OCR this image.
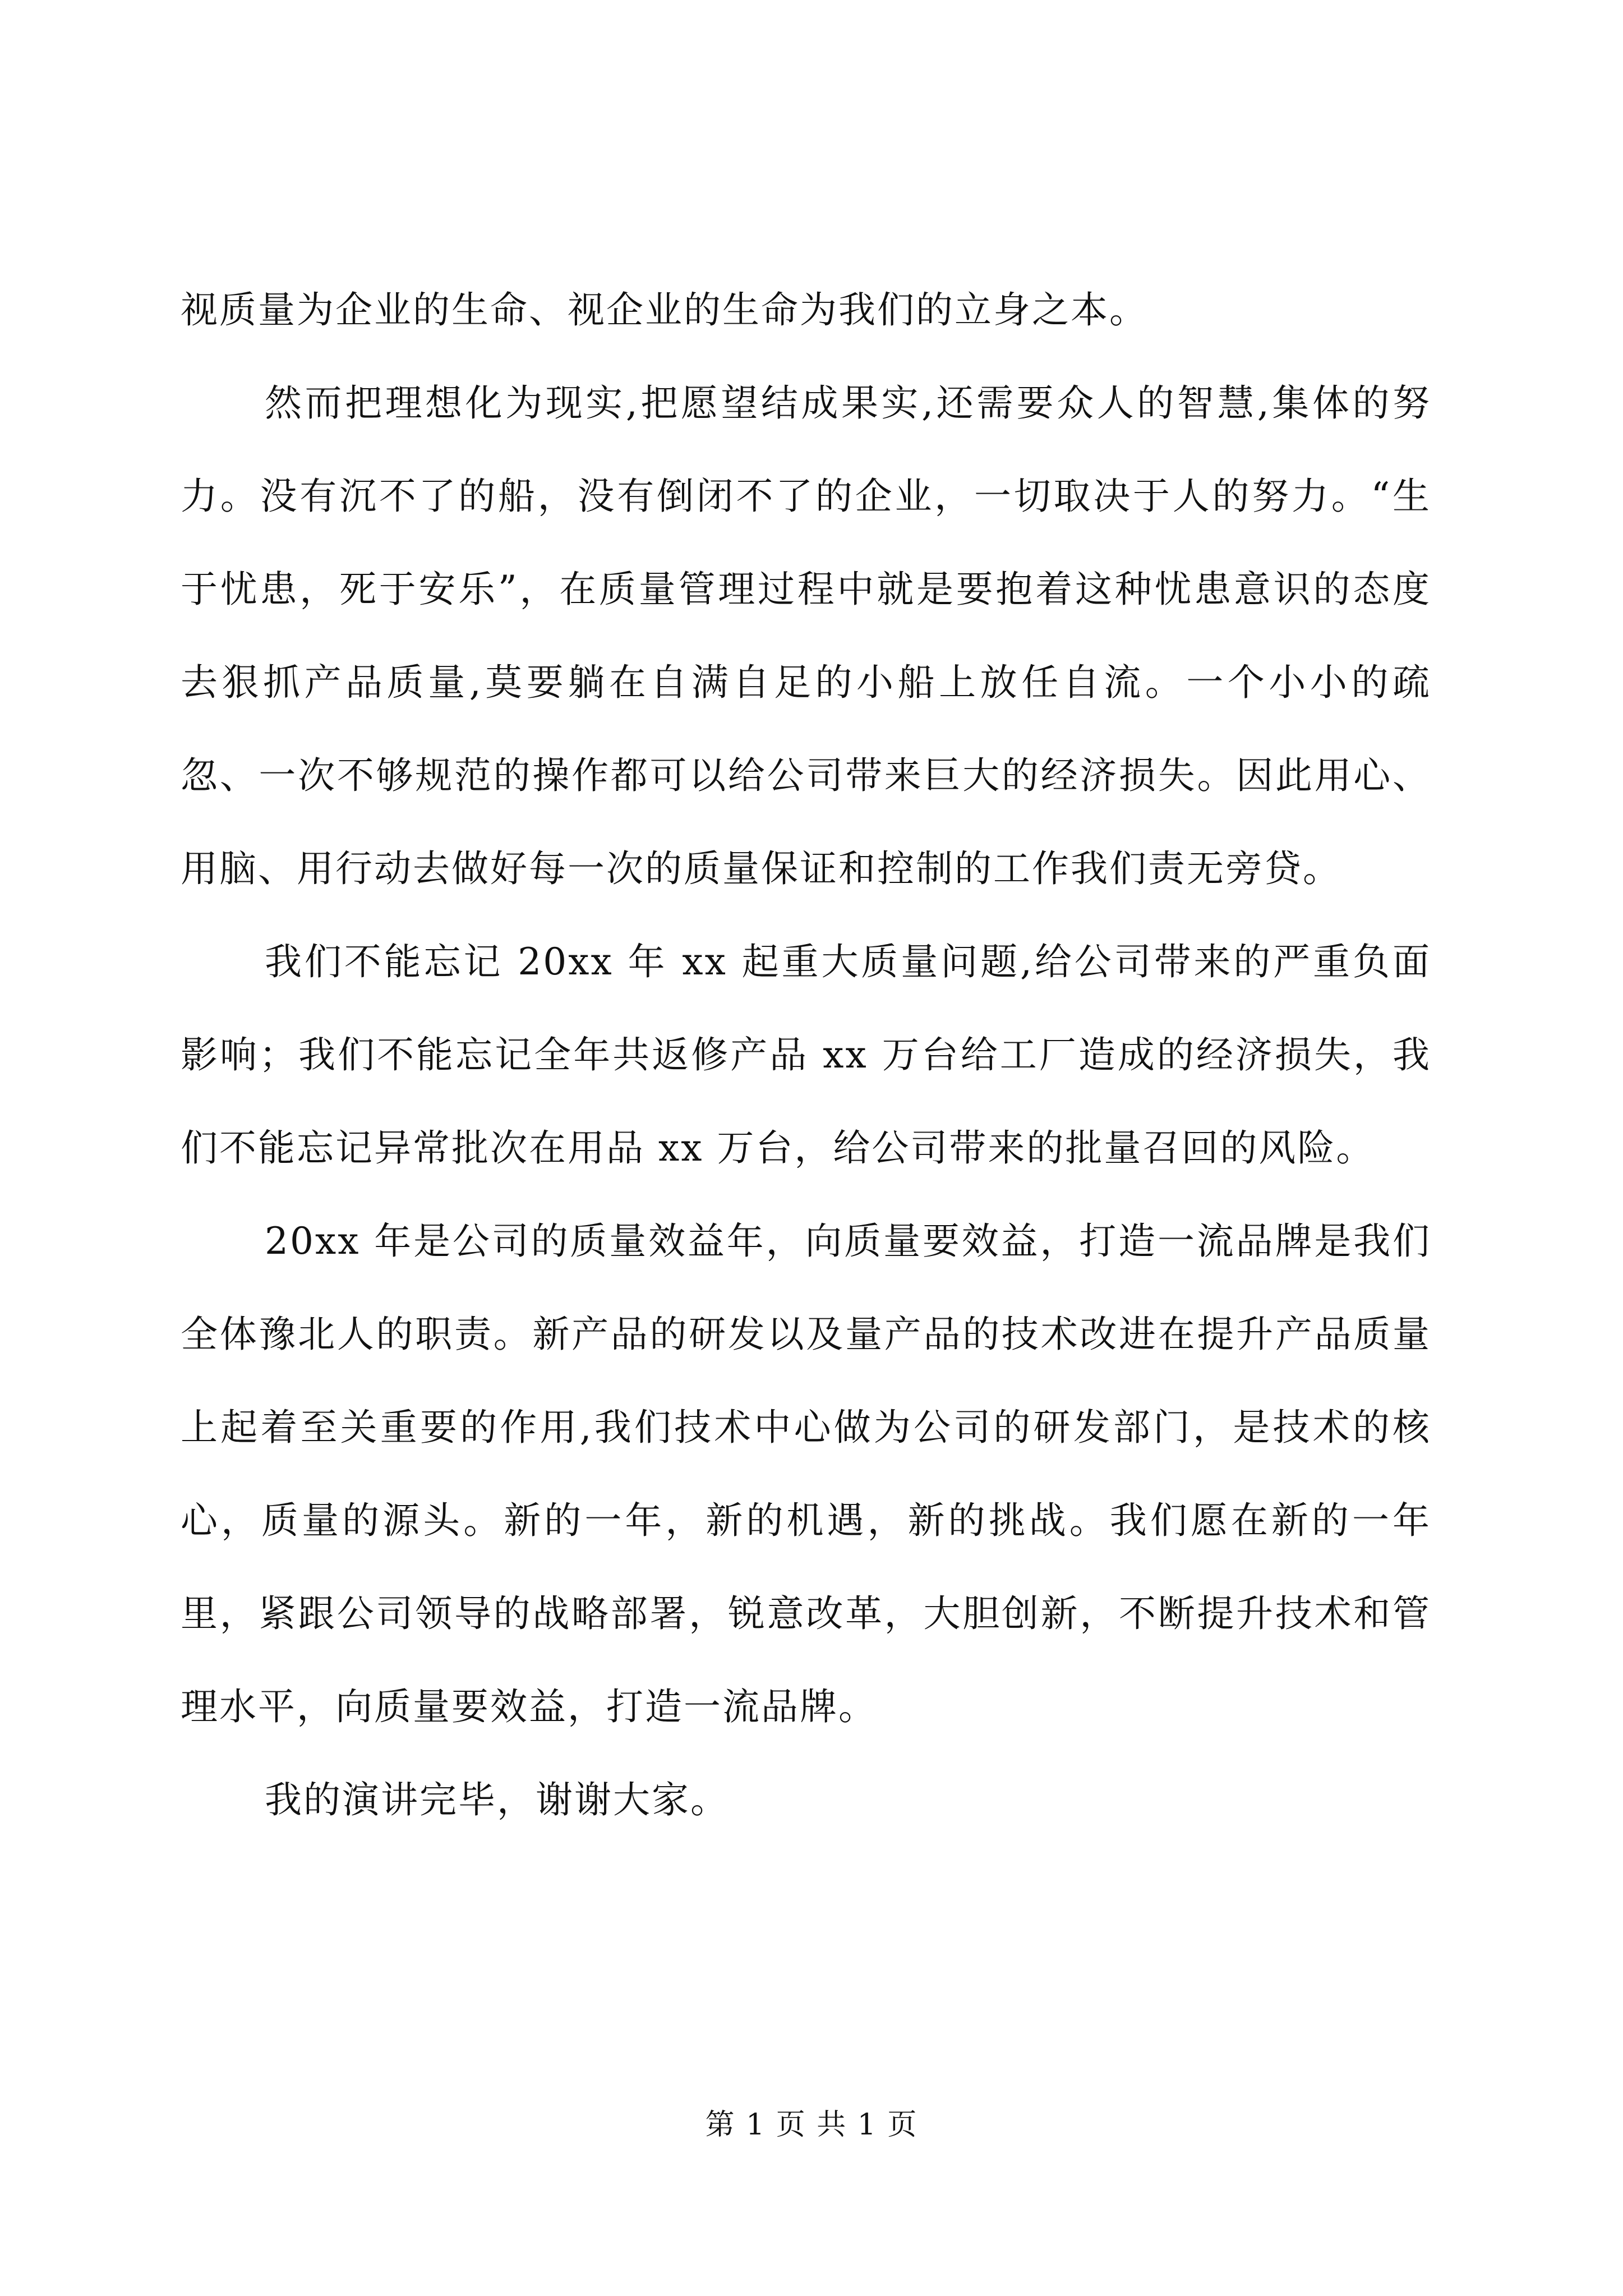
视质量为企业的生命、视企业的生命为我们的立身之本。

然而把理想化为现实,把愿望结成果实,还需要众人的智慧,集体的努力。没有沉不了的船，没有倒闭不了的企业，一切取决于人的努力。“生于忧患，死于安乐”，在质量管理过程中就是要抱着这种忧患意识的态度去狠抓产品质量,莫要躺在自满自足的小船上放任自流。一个小小的疏忽、一次不够规范的操作都可以给公司带来巨大的经济损失。因此用心、用脑、用行动去做好每一次的质量保证和控制的工作我们责无旁贷。

我们不能忘记 20xx 年 xx 起重大质量问题,给公司带来的严重负面影响；我们不能忘记全年共返修产品 xx 万台给工厂造成的经济损失，我们不能忘记异常批次在用品 xx 万台，给公司带来的批量召回的风险。

20xx 年是公司的质量效益年，向质量要效益，打造一流品牌是我们全体豫北人的职责。新产品的研发以及量产品的技术改进在提升产品质量上起着至关重要的作用,我们技术中心做为公司的研发部门，是技术的核心，质量的源头。新的一年，新的机遇，新的挑战。我们愿在新的一年里，紧跟公司领导的战略部署，锐意改革，大胆创新，不断提升技术和管理水平，向质量要效益，打造一流品牌。

我的演讲完毕，谢谢大家。

第 1 页 共 1 页
